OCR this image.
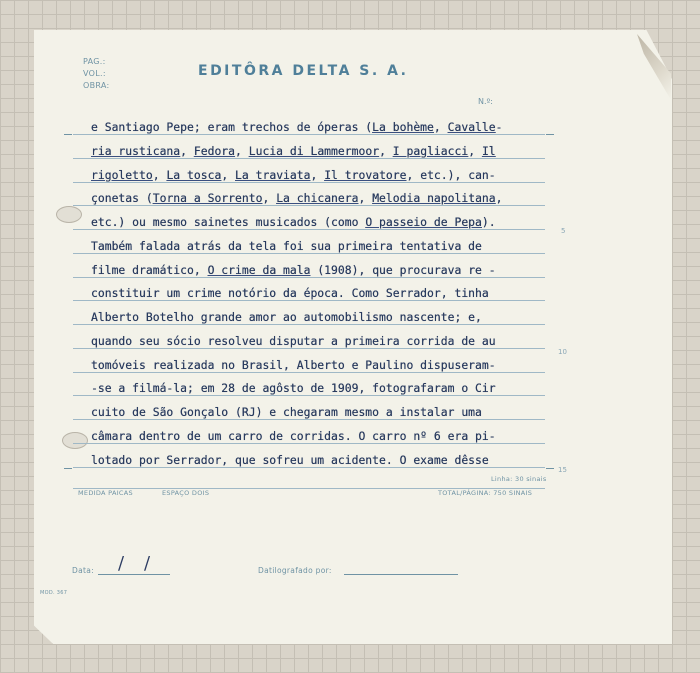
PAG.:
VOL.:
OBRA:
EDITÔRA DELTA S. A.
N.º:
e Santiago Pepe; eram trechos de óperas (La bohème, Cavalle-
ria rusticana, Fedora, Lucia di Lammermoor, I pagliacci, Il
rigoletto, La tosca, La traviata, Il trovatore, etc.), can-
çonetas (Torna a Sorrento, La chicanera, Melodia napolitana,
etc.) ou mesmo sainetes musicados (como O passeio de Pepa).
Também falada atrás da tela foi sua primeira tentativa de
filme dramático, O crime da mala (1908), que procurava re -
constituir um crime notório da época. Como Serrador, tinha
Alberto Botelho grande amor ao automobilismo nascente; e,
quando seu sócio resolveu disputar a primeira corrida de au
tomóveis realizada no Brasil, Alberto e Paulino dispuseram-
-se a filmá-la; em 28 de agôsto de 1909, fotografaram o Cir
cuito de São Gonçalo (RJ) e chegaram mesmo a instalar uma
câmara dentro de um carro de corridas. O carro nº 6 era pi-
lotado por Serrador, que sofreu um acidente. O exame dêsse
5
10
15
Linha: 30 sinais
MEDIDA PAICAS	ESPAÇO DOIS	TOTAL/PÁGINA: 750 SINAIS
Data: / /	Datilografado por:
MOD. 367
